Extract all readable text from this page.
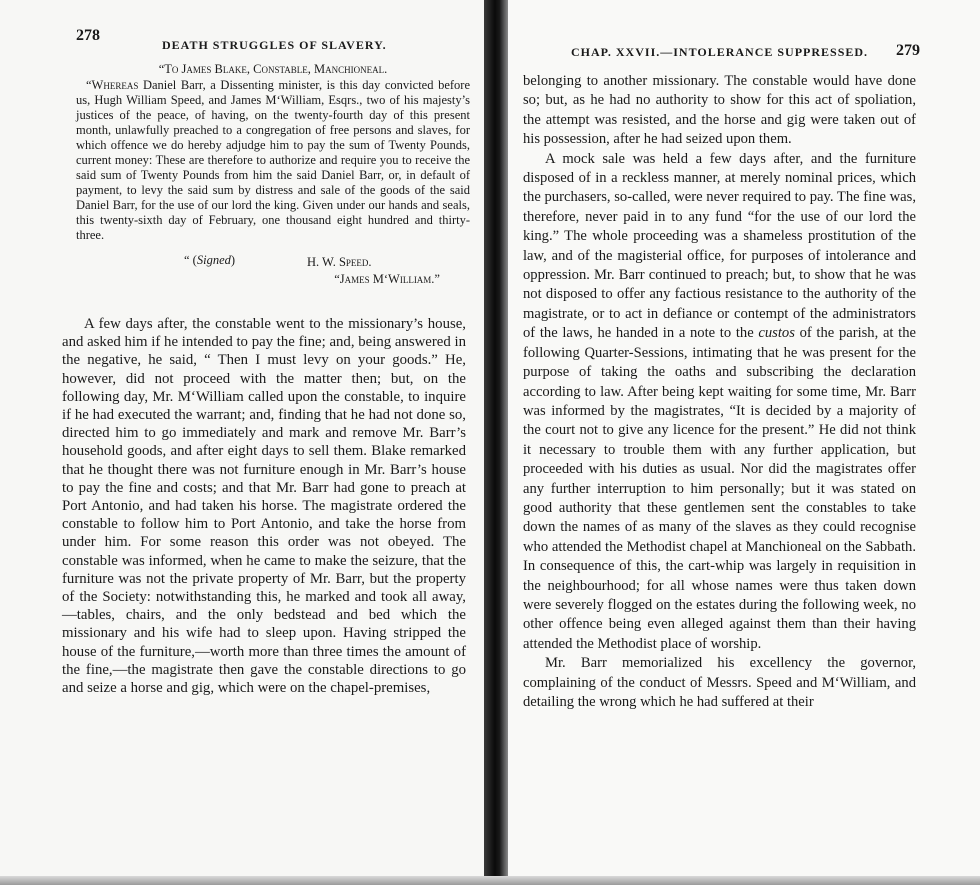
278
DEATH STRUGGLES OF SLAVERY.
“To James Blake, Constable, Manchioneal.

“Whereas Daniel Barr, a Dissenting minister, is this day convicted before us, Hugh William Speed, and James M‘William, Esqrs., two of his majesty’s justices of the peace, of having, on the twenty-fourth day of this present month, unlawfully preached to a congregation of free persons and slaves, for which offence we do hereby adjudge him to pay the sum of Twenty Pounds, current money: These are therefore to authorize and require you to receive the said sum of Twenty Pounds from him the said Daniel Barr, or, in default of payment, to levy the said sum by distress and sale of the goods of the said Daniel Barr, for the use of our lord the king. Given under our hands and seals, this twenty-sixth day of February, one thousand eight hundred and thirty-three.

“ (Signed)	H. W. Speed.
“James M‘William.”

A few days after, the constable went to the missionary’s house, and asked him if he intended to pay the fine; and, being answered in the negative, he said, “ Then I must levy on your goods.” He, however, did not proceed with the matter then; but, on the following day, Mr. M‘William called upon the constable, to inquire if he had executed the warrant; and, finding that he had not done so, directed him to go immediately and mark and remove Mr. Barr’s household goods, and after eight days to sell them. Blake remarked that he thought there was not furniture enough in Mr. Barr’s house to pay the fine and costs; and that Mr. Barr had gone to preach at Port Antonio, and had taken his horse. The magistrate ordered the constable to follow him to Port Antonio, and take the horse from under him. For some reason this order was not obeyed. The constable was informed, when he came to make the seizure, that the furniture was not the private property of Mr. Barr, but the property of the Society: notwithstanding this, he marked and took all away,—tables, chairs, and the only bedstead and bed which the missionary and his wife had to sleep upon. Having stripped the house of the furniture,—worth more than three times the amount of the fine,—the magistrate then gave the constable directions to go and seize a horse and gig, which were on the chapel-premises,

CHAP. XXVII.—INTOLERANCE SUPPRESSED. 279

belonging to another missionary. The constable would have done so; but, as he had no authority to show for this act of spoliation, the attempt was resisted, and the horse and gig were taken out of his possession, after he had seized upon them.

A mock sale was held a few days after, and the furniture disposed of in a reckless manner, at merely nominal prices, which the purchasers, so-called, were never required to pay. The fine was, therefore, never paid in to any fund “for the use of our lord the king.” The whole proceeding was a shameless prostitution of the law, and of the magisterial office, for purposes of intolerance and oppression. Mr. Barr continued to preach; but, to show that he was not disposed to offer any factious resistance to the authority of the magistrate, or to act in defiance or contempt of the administrators of the laws, he handed in a note to the custos of the parish, at the following Quarter-Sessions, intimating that he was present for the purpose of taking the oaths and subscribing the declaration according to law. After being kept waiting for some time, Mr. Barr was informed by the magistrates, “It is decided by a majority of the court not to give any licence for the present.” He did not think it necessary to trouble them with any further application, but proceeded with his duties as usual. Nor did the magistrates offer any further interruption to him personally; but it was stated on good authority that these gentlemen sent the constables to take down the names of as many of the slaves as they could recognise who attended the Methodist chapel at Manchioneal on the Sabbath. In consequence of this, the cart-whip was largely in requisition in the neighbourhood; for all whose names were thus taken down were severely flogged on the estates during the following week, no other offence being even alleged against them than their having attended the Methodist place of worship.

Mr. Barr memorialized his excellency the governor, complaining of the conduct of Messrs. Speed and M‘William, and detailing the wrong which he had suffered at their
